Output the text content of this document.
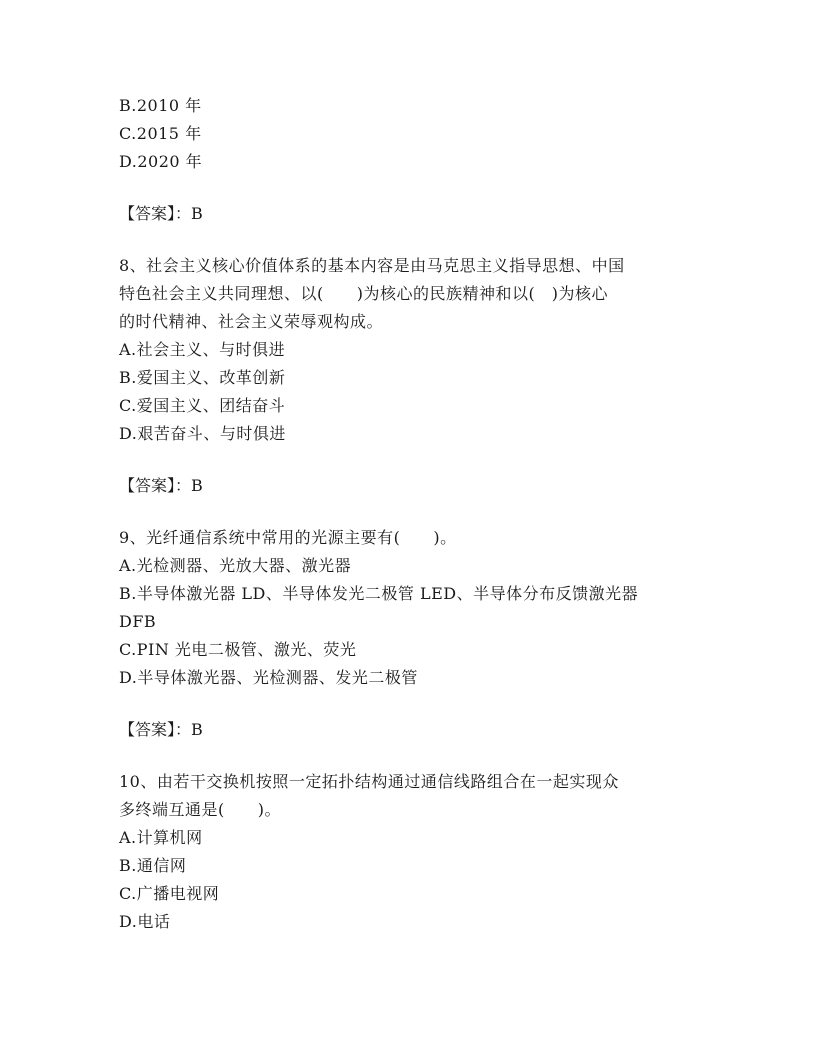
B.2010 年
C.2015 年
D.2020 年
【答案】：B
8、社会主义核心价值体系的基本内容是由马克思主义指导思想、中国
特色社会主义共同理想、以(　　)为核心的民族精神和以(　)为核心
的时代精神、社会主义荣辱观构成。
A.社会主义、与时俱进
B.爱国主义、改革创新
C.爱国主义、团结奋斗
D.艰苦奋斗、与时俱进
【答案】：B
9、光纤通信系统中常用的光源主要有(　　)。
A.光检测器、光放大器、激光器
B.半导体激光器 LD、半导体发光二极管 LED、半导体分布反馈激光器
DFB
C.PIN 光电二极管、激光、荧光
D.半导体激光器、光检测器、发光二极管
【答案】：B
10、由若干交换机按照一定拓扑结构通过通信线路组合在一起实现众
多终端互通是(　　)。
A.计算机网
B.通信网
C.广播电视网
D.电话
